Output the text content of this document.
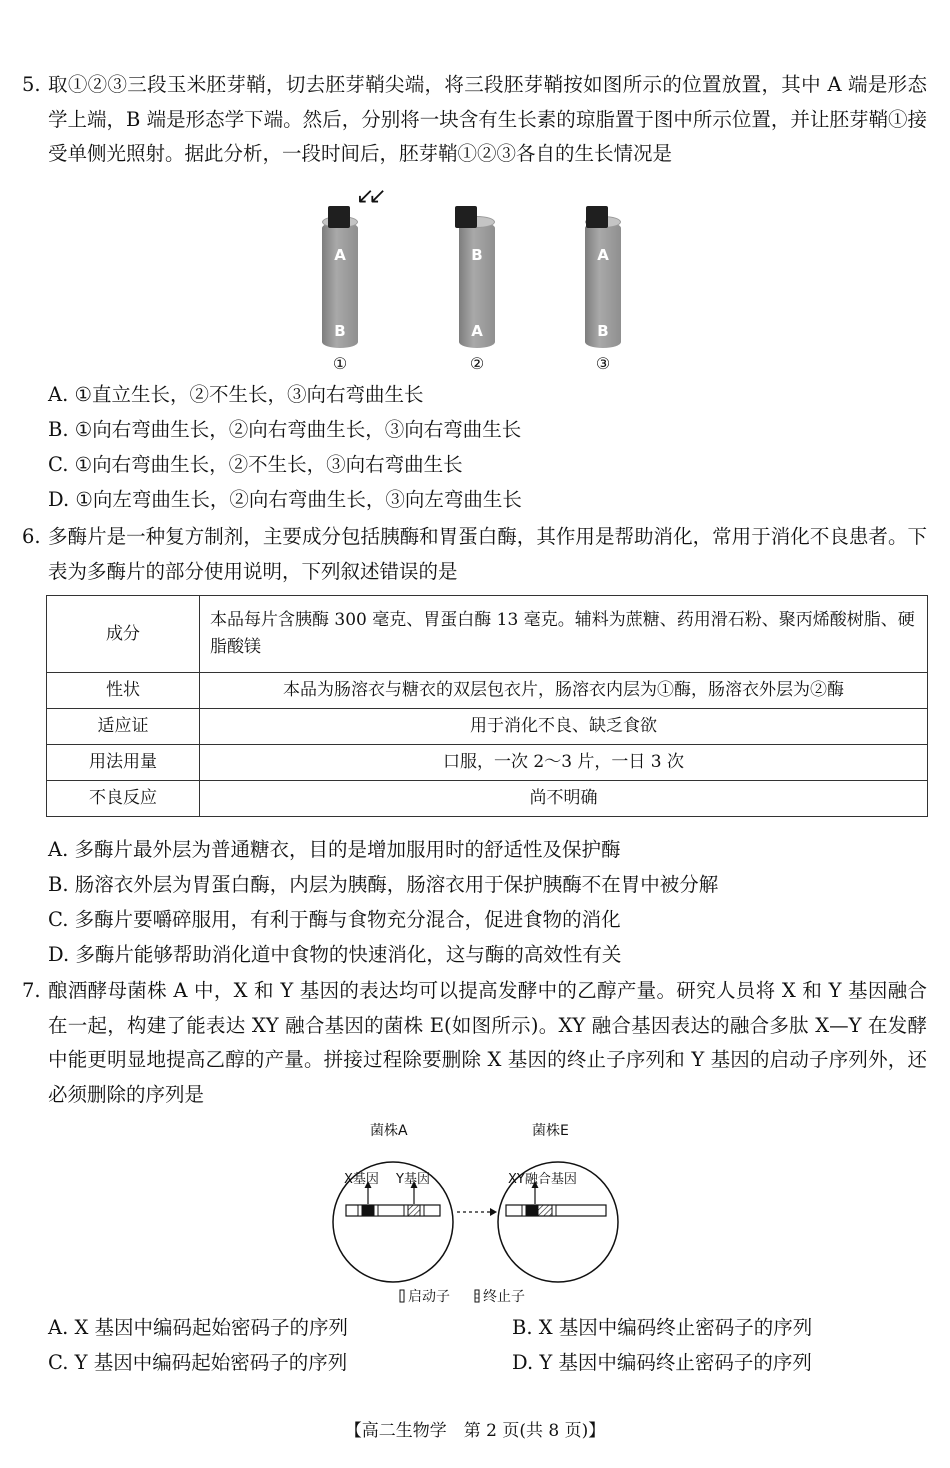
5. 取①②③三段玉米胚芽鞘，切去胚芽鞘尖端，将三段胚芽鞘按如图所示的位置放置，其中 A 端是形态学上端，B 端是形态学下端。然后，分别将一块含有生长素的琼脂置于图中所示位置，并让胚芽鞘①接受单侧光照射。据此分析，一段时间后，胚芽鞘①②③各自的生长情况是
↙↙
A
B
①
B
A
②
A
B
③
A. ①直立生长，②不生长，③向右弯曲生长
B. ①向右弯曲生长，②向右弯曲生长，③向右弯曲生长
C. ①向右弯曲生长，②不生长，③向右弯曲生长
D. ①向左弯曲生长，②向右弯曲生长，③向左弯曲生长
6. 多酶片是一种复方制剂，主要成分包括胰酶和胃蛋白酶，其作用是帮助消化，常用于消化不良患者。下表为多酶片的部分使用说明，下列叙述错误的是
成分	本品每片含胰酶 300 毫克、胃蛋白酶 13 毫克。辅料为蔗糖、药用滑石粉、聚丙烯酸树脂、硬脂酸镁
性状	本品为肠溶衣与糖衣的双层包衣片，肠溶衣内层为①酶，肠溶衣外层为②酶
适应证	用于消化不良、缺乏食欲
用法用量	口服，一次 2～3 片，一日 3 次
不良反应	尚不明确
A. 多酶片最外层为普通糖衣，目的是增加服用时的舒适性及保护酶
B. 肠溶衣外层为胃蛋白酶，内层为胰酶，肠溶衣用于保护胰酶不在胃中被分解
C. 多酶片要嚼碎服用，有利于酶与食物充分混合，促进食物的消化
D. 多酶片能够帮助消化道中食物的快速消化，这与酶的高效性有关
7. 酿酒酵母菌株 A 中，X 和 Y 基因的表达均可以提高发酵中的乙醇产量。研究人员将 X 和 Y 基因融合在一起，构建了能表达 XY 融合基因的菌株 E(如图所示)。XY 融合基因表达的融合多肽 X—Y 在发酵中能更明显地提高乙醇的产量。拼接过程除要删除 X 基因的终止子序列和 Y 基因的启动子序列外，还必须删除的序列是
菌株A	菌株E
X基因 Y基因	XY融合基因
启动子 终止子
A. X 基因中编码起始密码子的序列	B. X 基因中编码终止密码子的序列
C. Y 基因中编码起始密码子的序列	D. Y 基因中编码终止密码子的序列
【高二生物学　第 2 页(共 8 页)】
